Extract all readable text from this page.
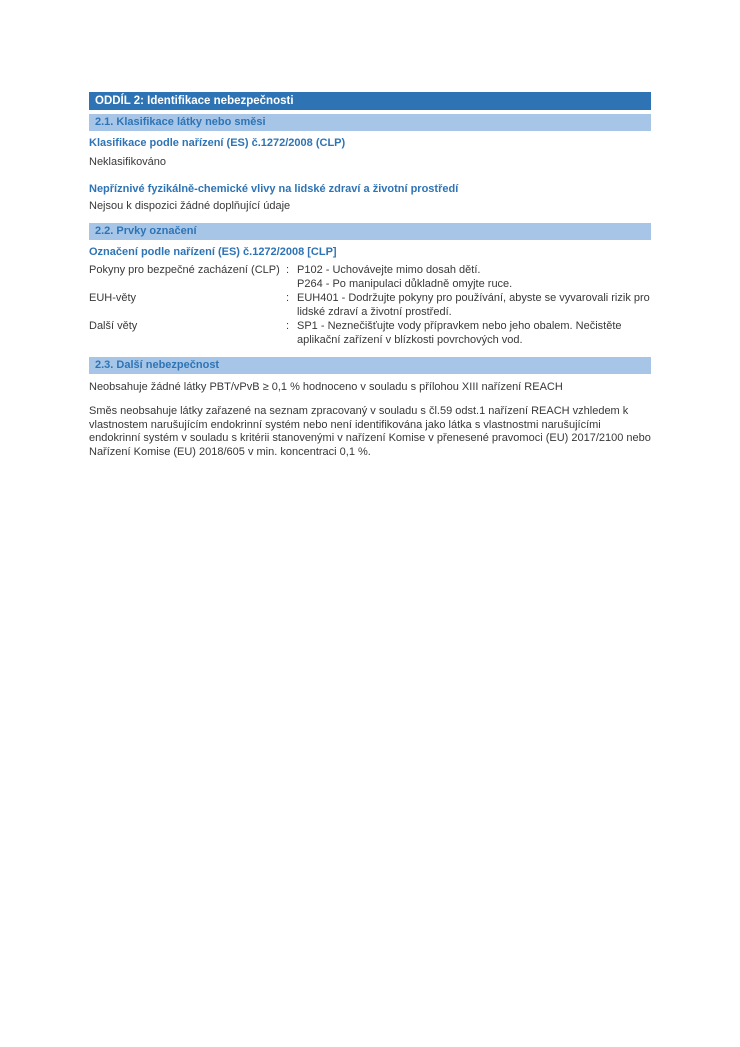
ODDÍL 2: Identifikace nebezpečnosti
2.1. Klasifikace látky nebo směsi
Klasifikace podle nařízení (ES) č.1272/2008 (CLP)
Neklasifikováno
Nepříznivé fyzikálně-chemické vlivy na lidské zdraví a životní prostředí
Nejsou k dispozici žádné doplňující údaje
2.2. Prvky označení
Označení podle nařízení (ES) č.1272/2008 [CLP]
Pokyny pro bezpečné zacházení (CLP) : P102 - Uchovávejte mimo dosah dětí.
P264 - Po manipulaci důkladně omyjte ruce.
EUH-věty	: EUH401 - Dodržujte pokyny pro používání, abyste se vyvarovali rizik pro lidské zdraví a životní prostředí.
Další věty	: SP1 - Neznečišťujte vody přípravkem nebo jeho obalem. Nečistěte aplikační zařízení v blízkosti povrchových vod.
2.3. Další nebezpečnost
Neobsahuje žádné látky PBT/vPvB ≥ 0,1 % hodnoceno v souladu s přílohou XIII nařízení REACH
Směs neobsahuje látky zařazené na seznam zpracovaný v souladu s čl.59 odst.1 nařízení REACH vzhledem k vlastnostem narušujícím endokrinní systém nebo není identifikována jako látka s vlastnostmi narušujícími endokrinní systém v souladu s kritérii stanovenými v nařízení Komise v přenesené pravomoci (EU) 2017/2100 nebo Nařízení Komise (EU) 2018/605 v min. koncentraci 0,1 %.
